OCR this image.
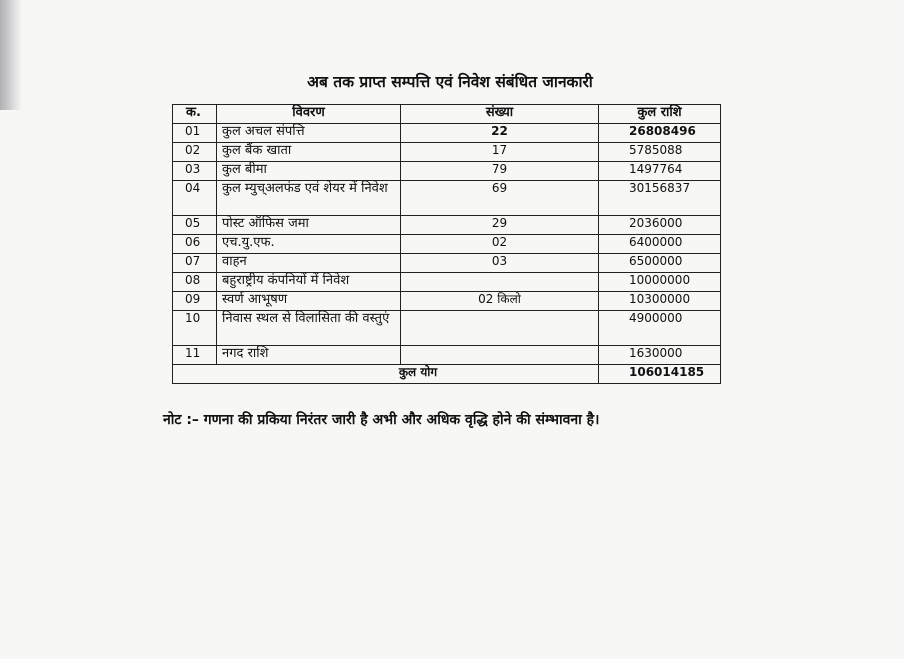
अब तक प्राप्त सम्पत्ति एवं निवेश संबंधित जानकारी
क.	विवरण	संख्या	कुल राशि
01	कुल अचल संपत्ति	22	26808496
02	कुल बैंक खाता	17	5785088
03	कुल बीमा	79	1497764
04	कुल म्युच्अलफंड एवं शेयर में निवेश	69	30156837
05	पोस्ट ऑफिस जमा	29	2036000
06	एच.यु.एफ.	02	6400000
07	वाहन	03	6500000
08	बहुराष्ट्रीय कंपनियों में निवेश		10000000
09	स्वर्ण आभूषण	02 किलो	10300000
10	निवास स्थल से विलासिता की वस्तुएं		4900000
11	नगद राशि		1630000
कुल योग			106014185
नोट :– गणना की प्रकिया निरंतर जारी है अभी और अधिक वृद्धि होने की संम्भावना है।
